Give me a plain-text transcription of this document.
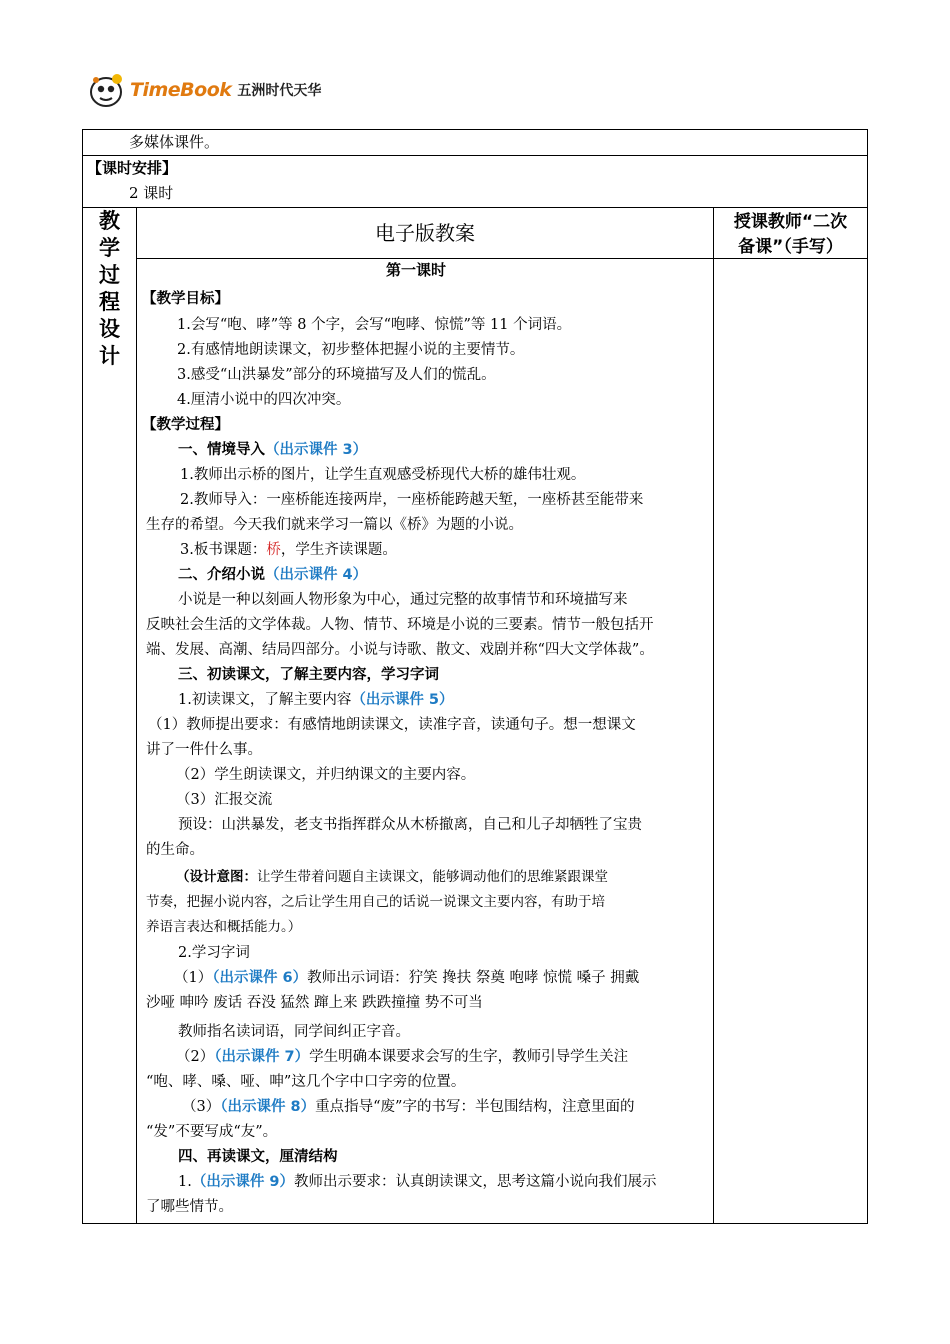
TimeBook 五洲时代天华
多媒体课件。
【课时安排】
2 课时
教
学
过
程
设
计
电子版教案	授课教师“二次
备课”（手写）
第一课时
【教学目标】
1.会写“咆、哮”等 8 个字，会写“咆哮、惊慌”等 11 个词语。
2.有感情地朗读课文，初步整体把握小说的主要情节。
3.感受“山洪暴发”部分的环境描写及人们的慌乱。
4.厘清小说中的四次冲突。
【教学过程】
一、情境导入（出示课件 3）
1.教师出示桥的图片，让学生直观感受桥现代大桥的雄伟壮观。
2.教师导入：一座桥能连接两岸，一座桥能跨越天堑，一座桥甚至能带来
生存的希望。今天我们就来学习一篇以《桥》为题的小说。
3.板书课题：桥，学生齐读课题。
二、介绍小说（出示课件 4）
小说是一种以刻画人物形象为中心，通过完整的故事情节和环境描写来
反映社会生活的文学体裁。人物、情节、环境是小说的三要素。情节一般包括开
端、发展、高潮、结局四部分。小说与诗歌、散文、戏剧并称“四大文学体裁”。
三、初读课文，了解主要内容，学习字词
1.初读课文，了解主要内容（出示课件 5）
（1）教师提出要求：有感情地朗读课文，读准字音，读通句子。想一想课文
讲了一件什么事。
（2）学生朗读课文，并归纳课文的主要内容。
（3）汇报交流
预设：山洪暴发，老支书指挥群众从木桥撤离，自己和儿子却牺牲了宝贵
的生命。
（设计意图：让学生带着问题自主读课文，能够调动他们的思维紧跟课堂
节奏，把握小说内容，之后让学生用自己的话说一说课文主要内容，有助于培
养语言表达和概括能力。）
2.学习字词
（1）（出示课件 6）教师出示词语：狞笑 搀扶 祭奠 咆哮 惊慌 嗓子 拥戴
沙哑 呻吟 废话 吞没 猛然 蹿上来 跌跌撞撞 势不可当
教师指名读词语，同学间纠正字音。
（2）（出示课件 7）学生明确本课要求会写的生字，教师引导学生关注
“咆、哮、嗓、哑、呻”这几个字中口字旁的位置。
（3）（出示课件 8）重点指导“废”字的书写：半包围结构，注意里面的
“发”不要写成“友”。
四、再读课文，厘清结构
1.（出示课件 9）教师出示要求：认真朗读课文，思考这篇小说向我们展示
了哪些情节。
